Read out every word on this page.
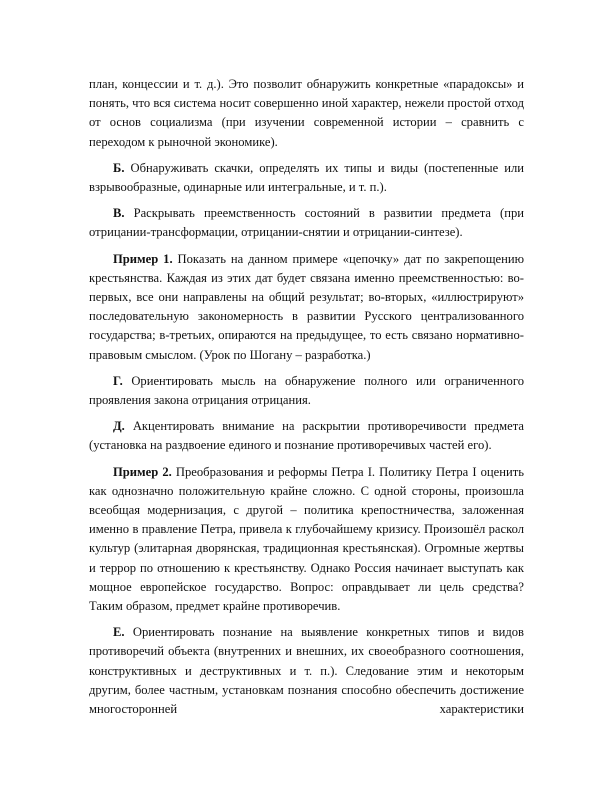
план, концессии и т. д.). Это позволит обнаружить конкретные «парадоксы» и понять, что вся система носит совершенно иной характер, нежели простой отход от основ социализма (при изучении современной истории – сравнить с переходом к рыночной экономике).

Б. Обнаруживать скачки, определять их типы и виды (постепенные или взрывообразные, одинарные или интегральные, и т. п.).

В. Раскрывать преемственность состояний в развитии предмета (при отрицании-трансформации, отрицании-снятии и отрицании-синтезе).

Пример 1. Показать на данном примере «цепочку» дат по закрепощению крестьянства. Каждая из этих дат будет связана именно преемственностью: во-первых, все они направлены на общий результат; во-вторых, «иллюстрируют» последовательную закономерность в развитии Русского централизованного государства; в-третьих, опираются на предыдущее, то есть связано нормативно-правовым смыслом. (Урок по Шогану – разработка.)

Г. Ориентировать мысль на обнаружение полного или ограниченного проявления закона отрицания отрицания.

Д. Акцентировать внимание на раскрытии противоречивости предмета (установка на раздвоение единого и познание противоречивых частей его).

Пример 2. Преобразования и реформы Петра I. Политику Петра I оценить как однозначно положительную крайне сложно. С одной стороны, произошла всеобщая модернизация, с другой – политика крепостничества, заложенная именно в правление Петра, привела к глубочайшему кризису. Произошёл раскол культур (элитарная дворянская, традиционная крестьянская). Огромные жертвы и террор по отношению к крестьянству. Однако Россия начинает выступать как мощное европейское государство. Вопрос: оправдывает ли цель средства? Таким образом, предмет крайне противоречив.

Е. Ориентировать познание на выявление конкретных типов и видов противоречий объекта (внутренних и внешних, их своеобразного соотношения, конструктивных и деструктивных и т. п.). Следование этим и некоторым другим, более частным, установкам познания способно обеспечить достижение многосторонней характеристики
